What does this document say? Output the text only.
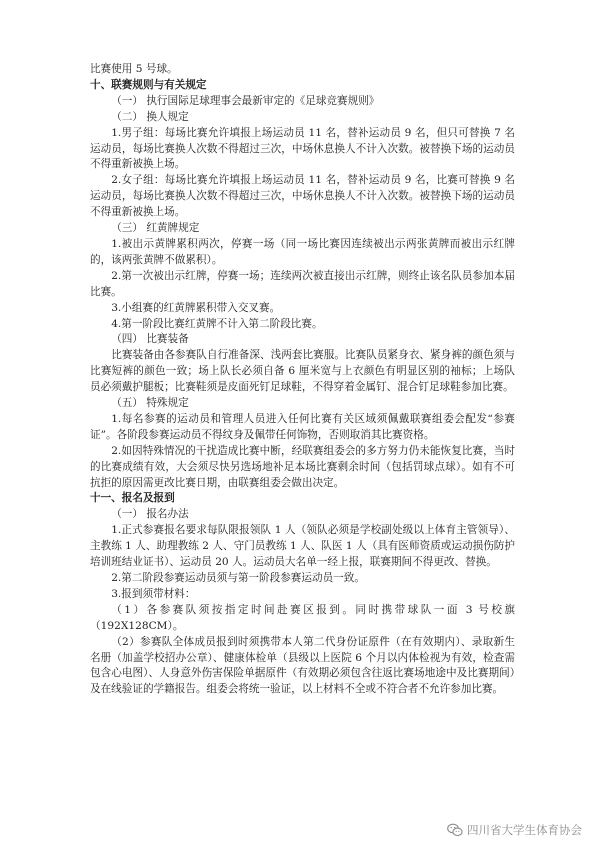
比赛使用 5 号球。

十、联赛规则与有关规定

（一） 执行国际足球理事会最新审定的《足球竞赛规则》

（二） 换人规定

1.男子组：每场比赛允许填报上场运动员 11 名，替补运动员 9 名，但只可替换 7 名运动员，每场比赛换人次数不得超过三次，中场休息换人不计入次数。被替换下场的运动员不得重新被换上场。

2.女子组：每场比赛允许填报上场运动员 11 名，替补运动员 9 名，比赛可替换 9 名运动员，每场比赛换人次数不得超过三次，中场休息换人不计入次数。被替换下场的运动员不得重新被换上场。

（三） 红黄牌规定

1.被出示黄牌累积两次，停赛一场（同一场比赛因连续被出示两张黄牌而被出示红牌的，该两张黄牌不做累积）。

2.第一次被出示红牌，停赛一场；连续两次被直接出示红牌，则终止该名队员参加本届比赛。

3.小组赛的红黄牌累积带入交叉赛。

4.第一阶段比赛红黄牌不计入第二阶段比赛。

（四） 比赛装备

比赛装备由各参赛队自行准备深、浅两套比赛服。比赛队员紧身衣、紧身裤的颜色须与比赛短裤的颜色一致；场上队长必须自备 6 厘米宽与上衣颜色有明显区别的袖标；上场队员必须戴护腿板；比赛鞋须是皮面死钉足球鞋，不得穿着金属钉、混合钉足球鞋参加比赛。

（五） 特殊规定

1.每名参赛的运动员和管理人员进入任何比赛有关区域须佩戴联赛组委会配发“参赛证”。各阶段参赛运动员不得纹身及佩带任何饰物，否则取消其比赛资格。

2.如因特殊情况的干扰造成比赛中断，经联赛组委会的多方努力仍未能恢复比赛，当时的比赛成绩有效，大会须尽快另选场地补足本场比赛剩余时间（包括罚球点球）。如有不可抗拒的原因需更改比赛日期，由联赛组委会做出决定。

十一、报名及报到

（一） 报名办法

1.正式参赛报名要求每队限报领队 1 人（领队必须是学校副处级以上体育主管领导）、主教练 1 人、助理教练 2 人、守门员教练 1 人、队医 1 人（具有医师资质或运动损伤防护培训班结业证书）、运动员 20 人。运动员大名单一经上报，联赛期间不得更改、替换。

2.第二阶段参赛运动员须与第一阶段参赛运动员一致。

3.报到须带材料：

（1）各参赛队须按指定时间赴赛区报到。同时携带球队一面 3 号校旗（192X128CM）。

（2）参赛队全体成员报到时须携带本人第二代身份证原件（在有效期内）、录取新生名册（加盖学校招办公章）、健康体检单（县级以上医院 6 个月以内体检视为有效，检查需包含心电图）、人身意外伤害保险单据原件（有效期必须包含往返比赛场地途中及比赛期间）及在线验证的学籍报告。组委会将统一验证，以上材料不全或不符合者不允许参加比赛。

四川省大学生体育协会
